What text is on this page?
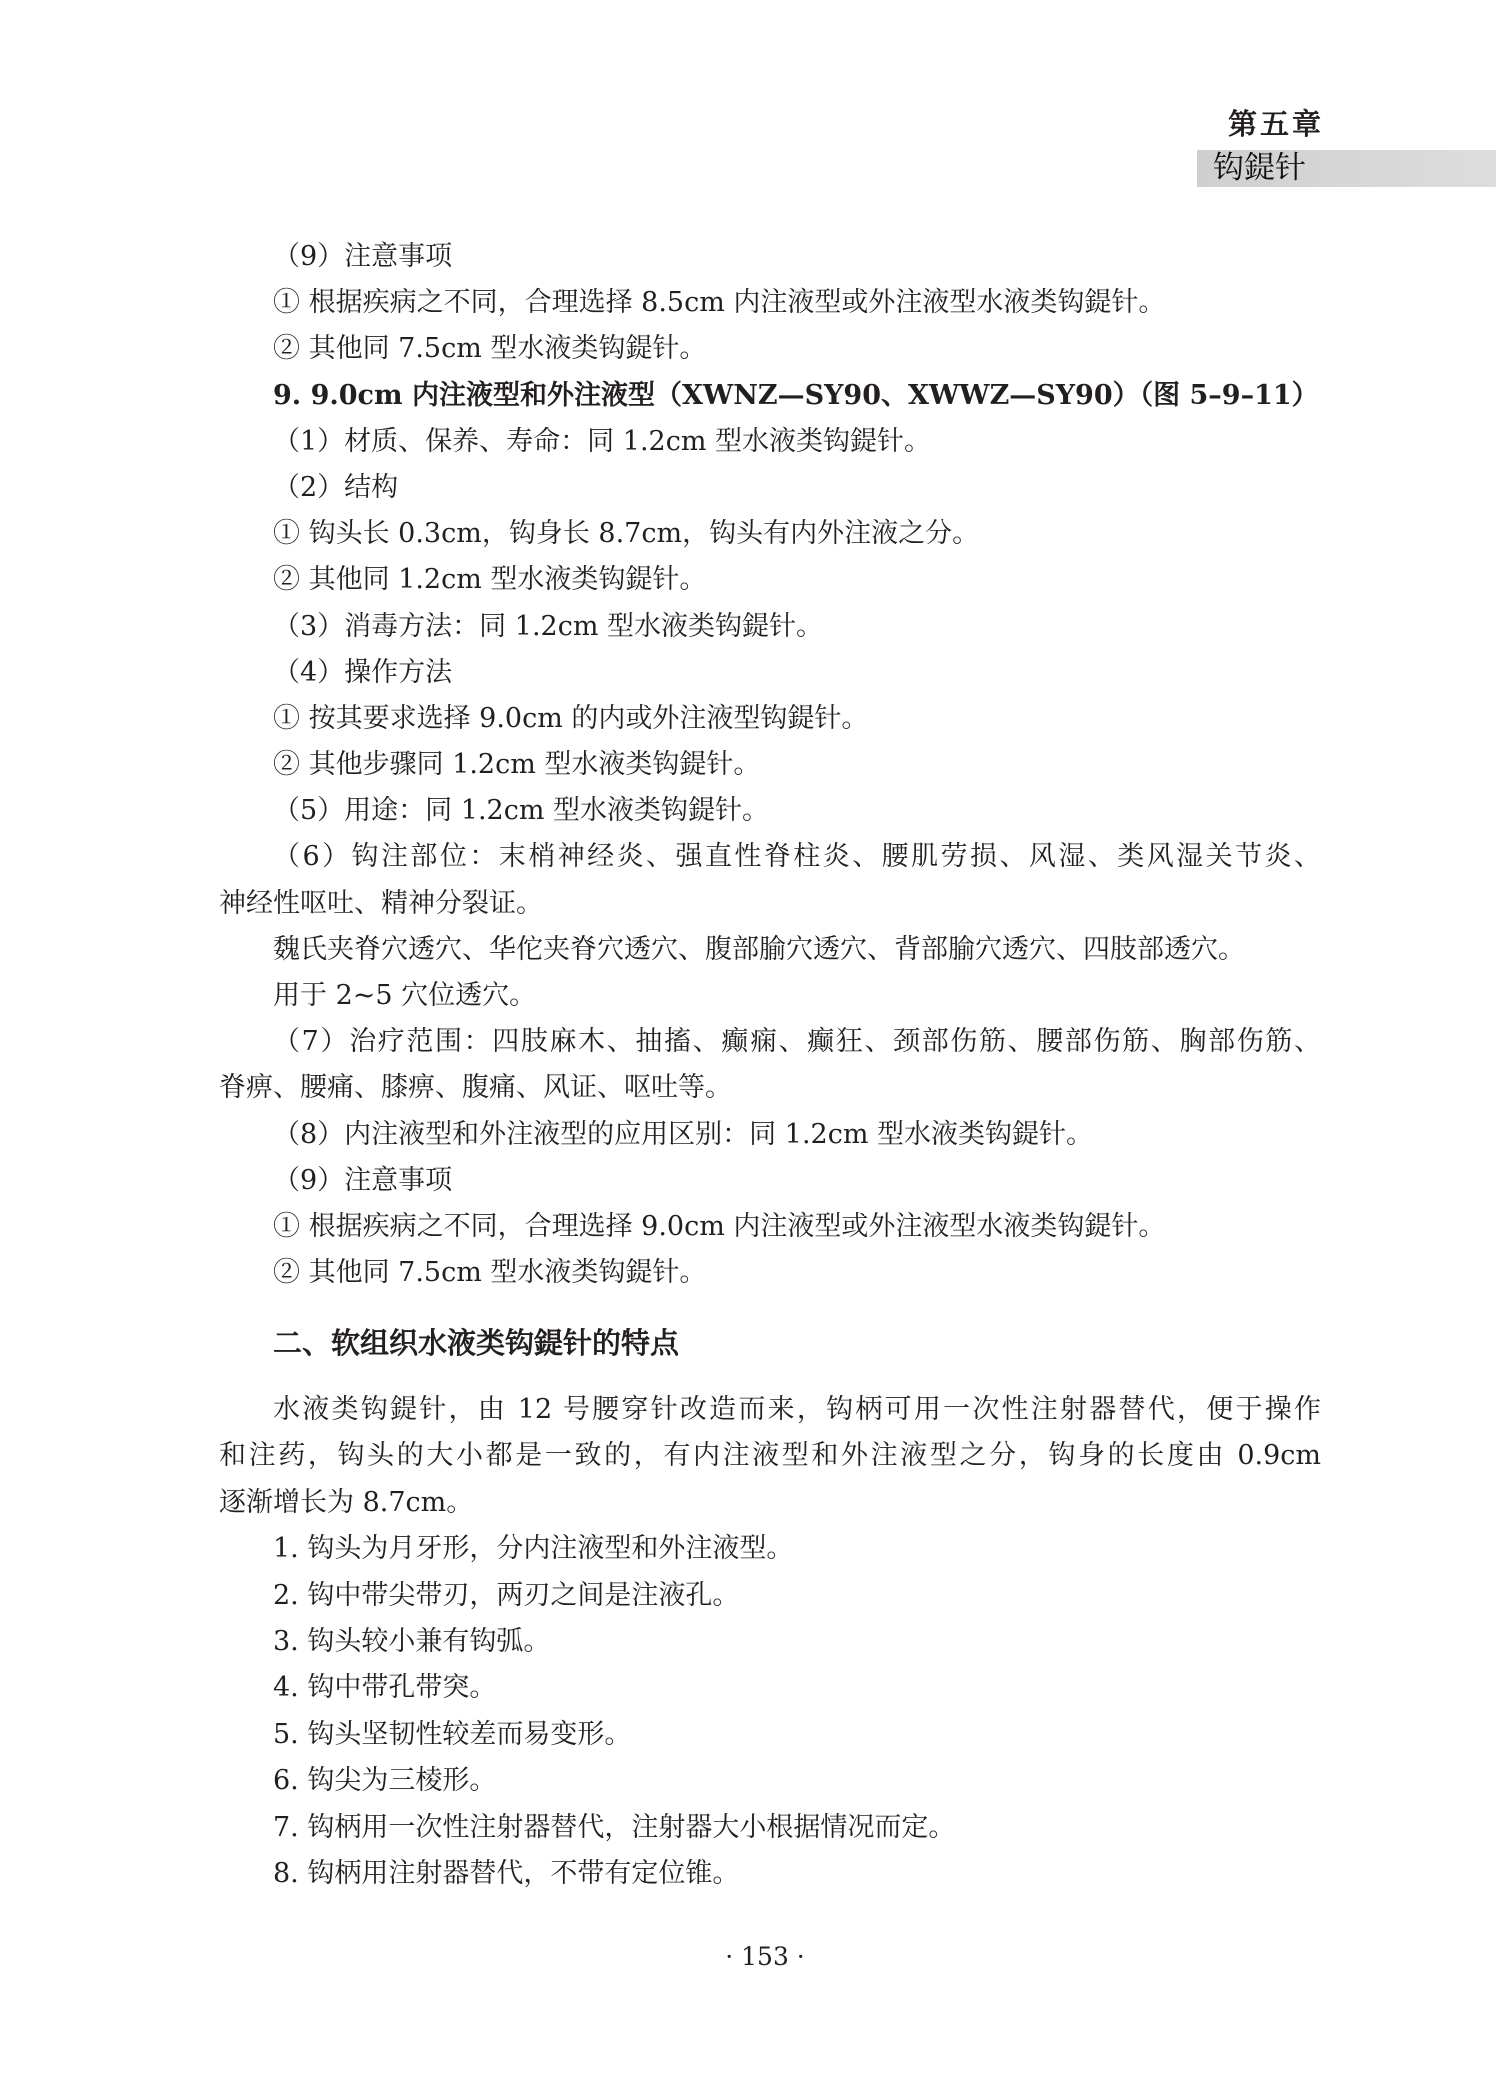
第五章
钩鍉针
（9）注意事项
① 根据疾病之不同，合理选择 8.5cm 内注液型或外注液型水液类钩鍉针。
② 其他同 7.5cm 型水液类钩鍉针。
9. 9.0cm 内注液型和外注液型（XWNZ—SY90、XWWZ—SY90）（图 5–9–11）
（1）材质、保养、寿命：同 1.2cm 型水液类钩鍉针。
（2）结构
① 钩头长 0.3cm，钩身长 8.7cm，钩头有内外注液之分。
② 其他同 1.2cm 型水液类钩鍉针。
（3）消毒方法：同 1.2cm 型水液类钩鍉针。
（4）操作方法
① 按其要求选择 9.0cm 的内或外注液型钩鍉针。
② 其他步骤同 1.2cm 型水液类钩鍉针。
（5）用途：同 1.2cm 型水液类钩鍉针。
（6）钩注部位：末梢神经炎、强直性脊柱炎、腰肌劳损、风湿、类风湿关节炎、
神经性呕吐、精神分裂证。
魏氏夹脊穴透穴、华佗夹脊穴透穴、腹部腧穴透穴、背部腧穴透穴、四肢部透穴。
用于 2~5 穴位透穴。
（7）治疗范围：四肢麻木、抽搐、癫痫、癫狂、颈部伤筋、腰部伤筋、胸部伤筋、
脊痹、腰痛、膝痹、腹痛、风证、呕吐等。
（8）内注液型和外注液型的应用区别：同 1.2cm 型水液类钩鍉针。
（9）注意事项
① 根据疾病之不同，合理选择 9.0cm 内注液型或外注液型水液类钩鍉针。
② 其他同 7.5cm 型水液类钩鍉针。
二、软组织水液类钩鍉针的特点
水液类钩鍉针，由 12 号腰穿针改造而来，钩柄可用一次性注射器替代，便于操作
和注药，钩头的大小都是一致的，有内注液型和外注液型之分，钩身的长度由 0.9cm
逐渐增长为 8.7cm。
1. 钩头为月牙形，分内注液型和外注液型。
2. 钩中带尖带刃，两刃之间是注液孔。
3. 钩头较小兼有钩弧。
4. 钩中带孔带突。
5. 钩头坚韧性较差而易变形。
6. 钩尖为三棱形。
7. 钩柄用一次性注射器替代，注射器大小根据情况而定。
8. 钩柄用注射器替代，不带有定位锥。
· 153 ·
